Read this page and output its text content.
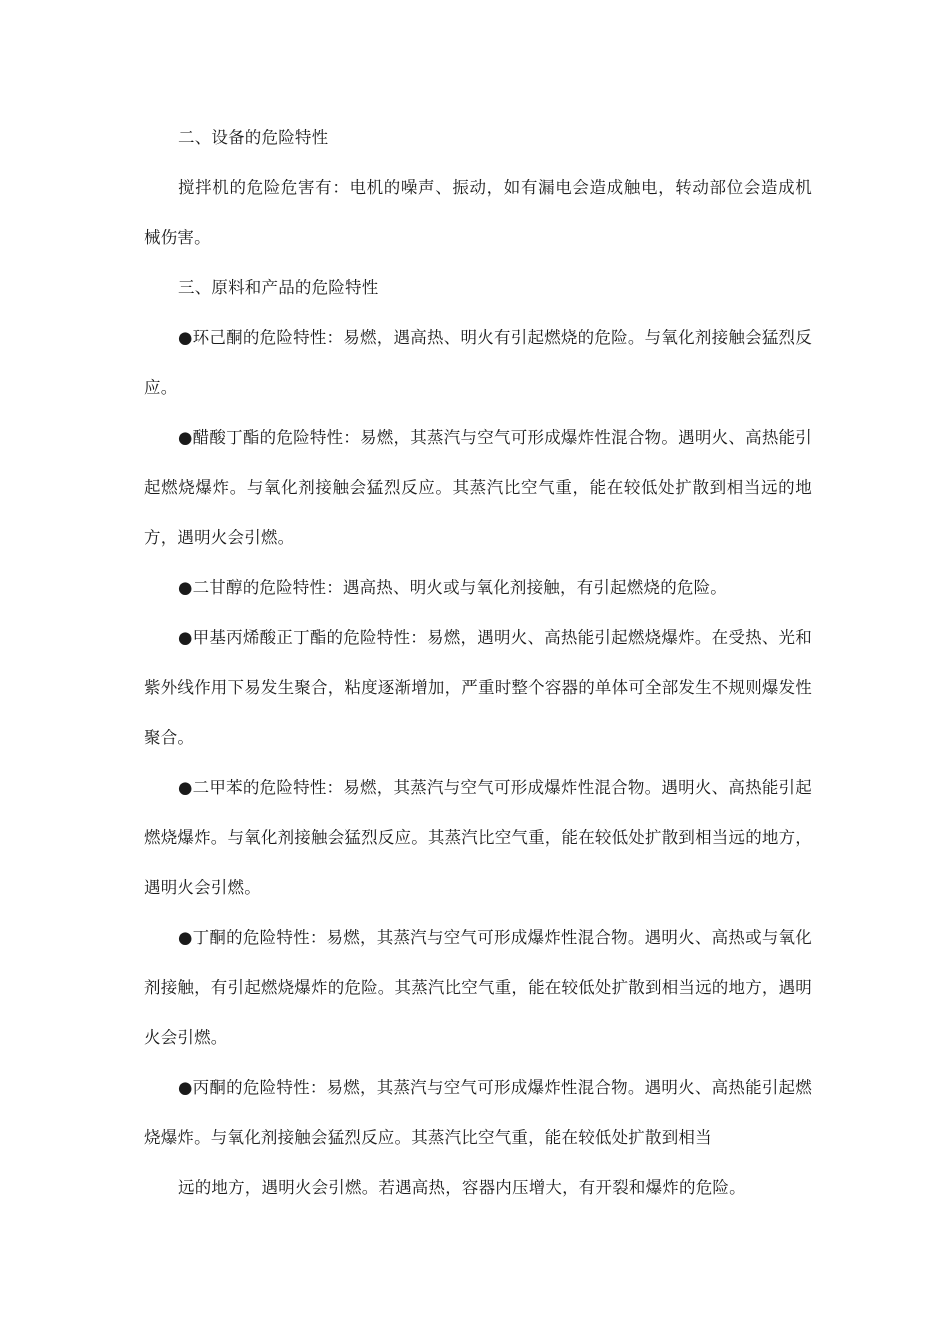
二、设备的危险特性

搅拌机的危险危害有：电机的噪声、振动，如有漏电会造成触电，转动部位会造成机械伤害。

三、原料和产品的危险特性

●环己酮的危险特性：易燃，遇高热、明火有引起燃烧的危险。与氧化剂接触会猛烈反应。

●醋酸丁酯的危险特性：易燃，其蒸汽与空气可形成爆炸性混合物。遇明火、高热能引起燃烧爆炸。与氧化剂接触会猛烈反应。其蒸汽比空气重，能在较低处扩散到相当远的地方，遇明火会引燃。

●二甘醇的危险特性：遇高热、明火或与氧化剂接触，有引起燃烧的危险。

●甲基丙烯酸正丁酯的危险特性：易燃，遇明火、高热能引起燃烧爆炸。在受热、光和紫外线作用下易发生聚合，粘度逐渐增加，严重时整个容器的单体可全部发生不规则爆发性聚合。

●二甲苯的危险特性：易燃，其蒸汽与空气可形成爆炸性混合物。遇明火、高热能引起燃烧爆炸。与氧化剂接触会猛烈反应。其蒸汽比空气重，能在较低处扩散到相当远的地方，遇明火会引燃。

●丁酮的危险特性：易燃，其蒸汽与空气可形成爆炸性混合物。遇明火、高热或与氧化剂接触，有引起燃烧爆炸的危险。其蒸汽比空气重，能在较低处扩散到相当远的地方，遇明火会引燃。

●丙酮的危险特性：易燃，其蒸汽与空气可形成爆炸性混合物。遇明火、高热能引起燃烧爆炸。与氧化剂接触会猛烈反应。其蒸汽比空气重，能在较低处扩散到相当

远的地方，遇明火会引燃。若遇高热，容器内压增大，有开裂和爆炸的危险。
